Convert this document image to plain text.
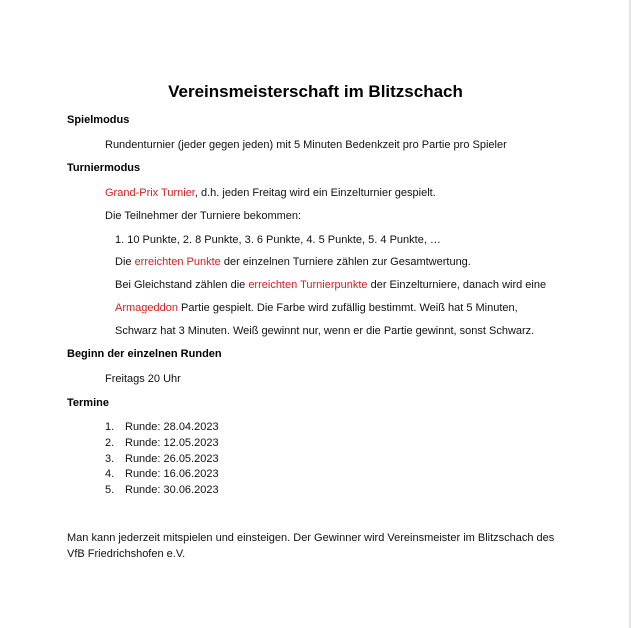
Vereinsmeisterschaft im Blitzschach
Spielmodus
Rundenturnier (jeder gegen jeden) mit 5 Minuten Bedenkzeit pro Partie pro Spieler
Turniermodus
Grand-Prix Turnier, d.h. jeden Freitag wird ein Einzelturnier gespielt.
Die Teilnehmer der Turniere bekommen:
1. 10 Punkte, 2. 8 Punkte, 3. 6 Punkte, 4. 5 Punkte, 5. 4 Punkte, …
Die erreichten Punkte der einzelnen Turniere zählen zur Gesamtwertung.
Bei Gleichstand zählen die erreichten Turnierpunkte der Einzelturniere, danach wird eine
Armageddon Partie gespielt. Die Farbe wird zufällig bestimmt. Weiß hat 5 Minuten,
Schwarz hat 3 Minuten. Weiß gewinnt nur, wenn er die Partie gewinnt, sonst Schwarz.
Beginn der einzelnen Runden
Freitags 20 Uhr
Termine
1. Runde: 28.04.2023
2. Runde: 12.05.2023
3. Runde: 26.05.2023
4. Runde: 16.06.2023
5. Runde: 30.06.2023
Man kann jederzeit mitspielen und einsteigen. Der Gewinner wird Vereinsmeister im Blitzschach des
VfB Friedrichshofen e.V.
